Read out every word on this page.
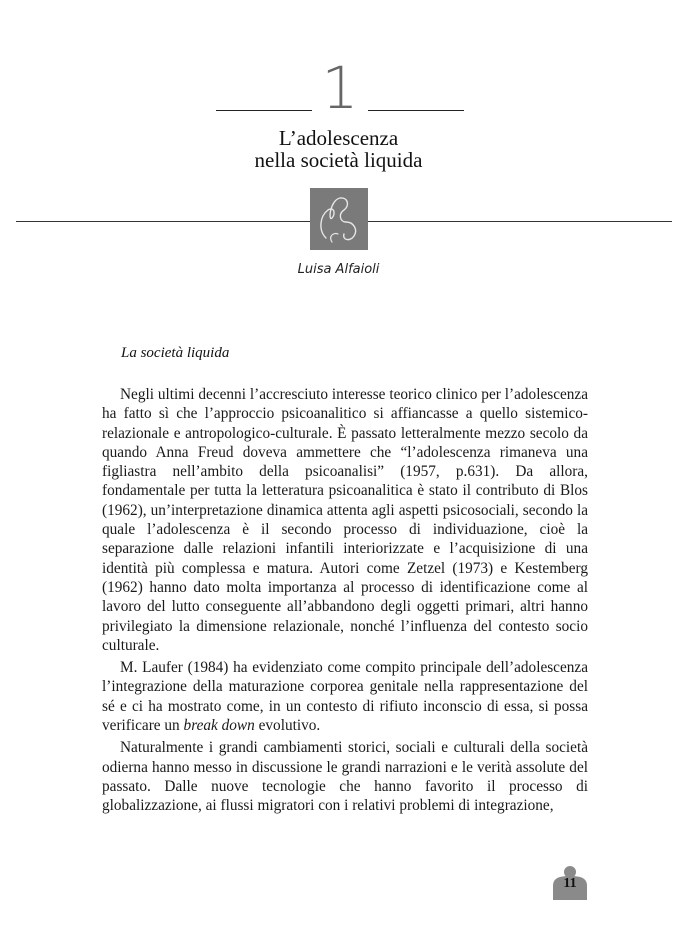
1
L’adolescenza
nella società liquida
Luisa Alfaioli
La società liquida

Negli ultimi decenni l’accresciuto interesse teorico clinico per l’adolescenza ha fatto sì che l’approccio psicoanalitico si affiancasse a quello sistemico-relazionale e antropologico-culturale. È passato letteralmente mezzo secolo da quando Anna Freud doveva ammettere che “l’adolescenza rimaneva una figliastra nell’ambito della psicoanalisi” (1957, p.631). Da allora, fondamentale per tutta la letteratura psicoanalitica è stato il contributo di Blos (1962), un’interpretazione dinamica attenta agli aspetti psicosociali, secondo la quale l’adolescenza è il secondo processo di individuazione, cioè la separazione dalle relazioni infantili interiorizzate e l’acquisizione di una identità più complessa e matura. Autori come Zetzel (1973) e Kestemberg (1962) hanno dato molta importanza al processo di identificazione come al lavoro del lutto conseguente all’abbandono degli oggetti primari, altri hanno privilegiato la dimensione relazionale, nonché l’influenza del contesto socio culturale.

M. Laufer (1984) ha evidenziato come compito principale dell’adolescenza l’integrazione della maturazione corporea genitale nella rappresentazione del sé e ci ha mostrato come, in un contesto di rifiuto inconscio di essa, si possa verificare un break down evolutivo.

Naturalmente i grandi cambiamenti storici, sociali e culturali della società odierna hanno messo in discussione le grandi narrazioni e le verità assolute del passato. Dalle nuove tecnologie che hanno favorito il processo di globalizzazione, ai flussi migratori con i relativi problemi di integrazione,

11
